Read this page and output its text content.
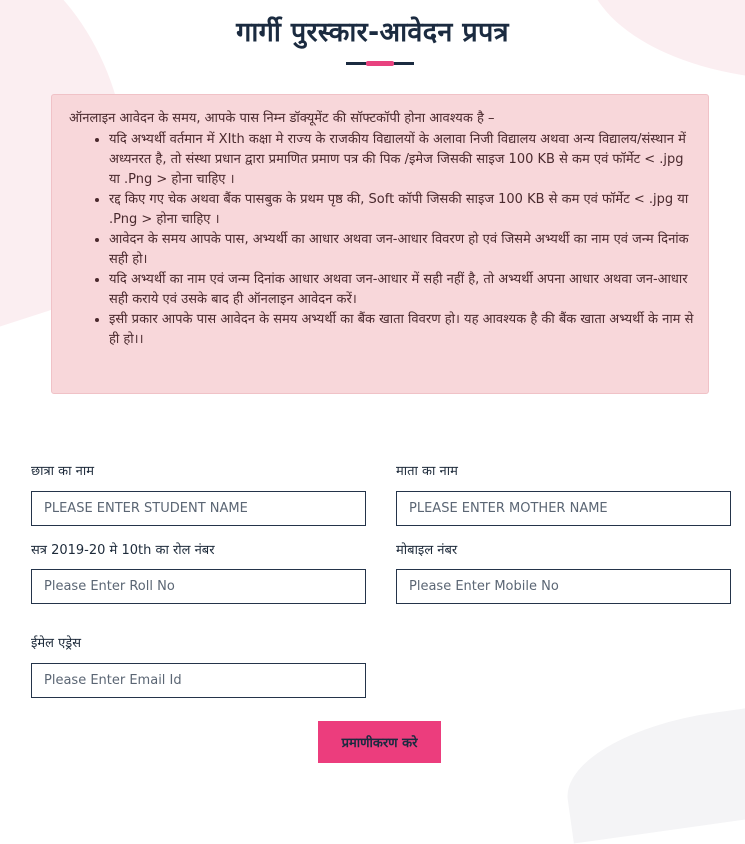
गार्गी पुरस्कार-आवेदन प्रपत्र
ऑनलाइन आवेदन के समय, आपके पास निम्न डॉक्यूमेंट की सॉफ्टकॉपी होना आवश्यक है –
• यदि अभ्यर्थी वर्तमान में XIth कक्षा मे राज्य के राजकीय विद्यालयों के अलावा निजी विद्यालय अथवा अन्य विद्यालय/संस्थान में अध्यनरत है, तो संस्था प्रधान द्वारा प्रमाणित प्रमाण पत्र की पिक /इमेज जिसकी साइज 100 KB से कम एवं फॉर्मेट < .jpg या .Png > होना चाहिए ।
• रद्द किए गए चेक अथवा बैंक पासबुक के प्रथम पृष्ठ की, Soft कॉपी जिसकी साइज 100 KB से कम एवं फॉर्मेट < .jpg या .Png > होना चाहिए ।
• आवेदन के समय आपके पास, अभ्यर्थी का आधार अथवा जन-आधार विवरण हो एवं जिसमे अभ्यर्थी का नाम एवं जन्म दिनांक सही हो।
• यदि अभ्यर्थी का नाम एवं जन्म दिनांक आधार अथवा जन-आधार में सही नहीं है, तो अभ्यर्थी अपना आधार अथवा जन-आधार सही कराये एवं उसके बाद ही ऑनलाइन आवेदन करें।
• इसी प्रकार आपके पास आवेदन के समय अभ्यर्थी का बैंक खाता विवरण हो। यह आवश्यक है की बैंक खाता अभ्यर्थी के नाम से ही हो।।
छात्रा का नाम
PLEASE ENTER STUDENT NAME	माता का नाम
PLEASE ENTER MOTHER NAME
सत्र 2019-20 मे 10th का रोल नंबर
Please Enter Roll No	मोबाइल नंबर
Please Enter Mobile No
ईमेल एड्रेस
Please Enter Email Id
प्रमाणीकरण करे
